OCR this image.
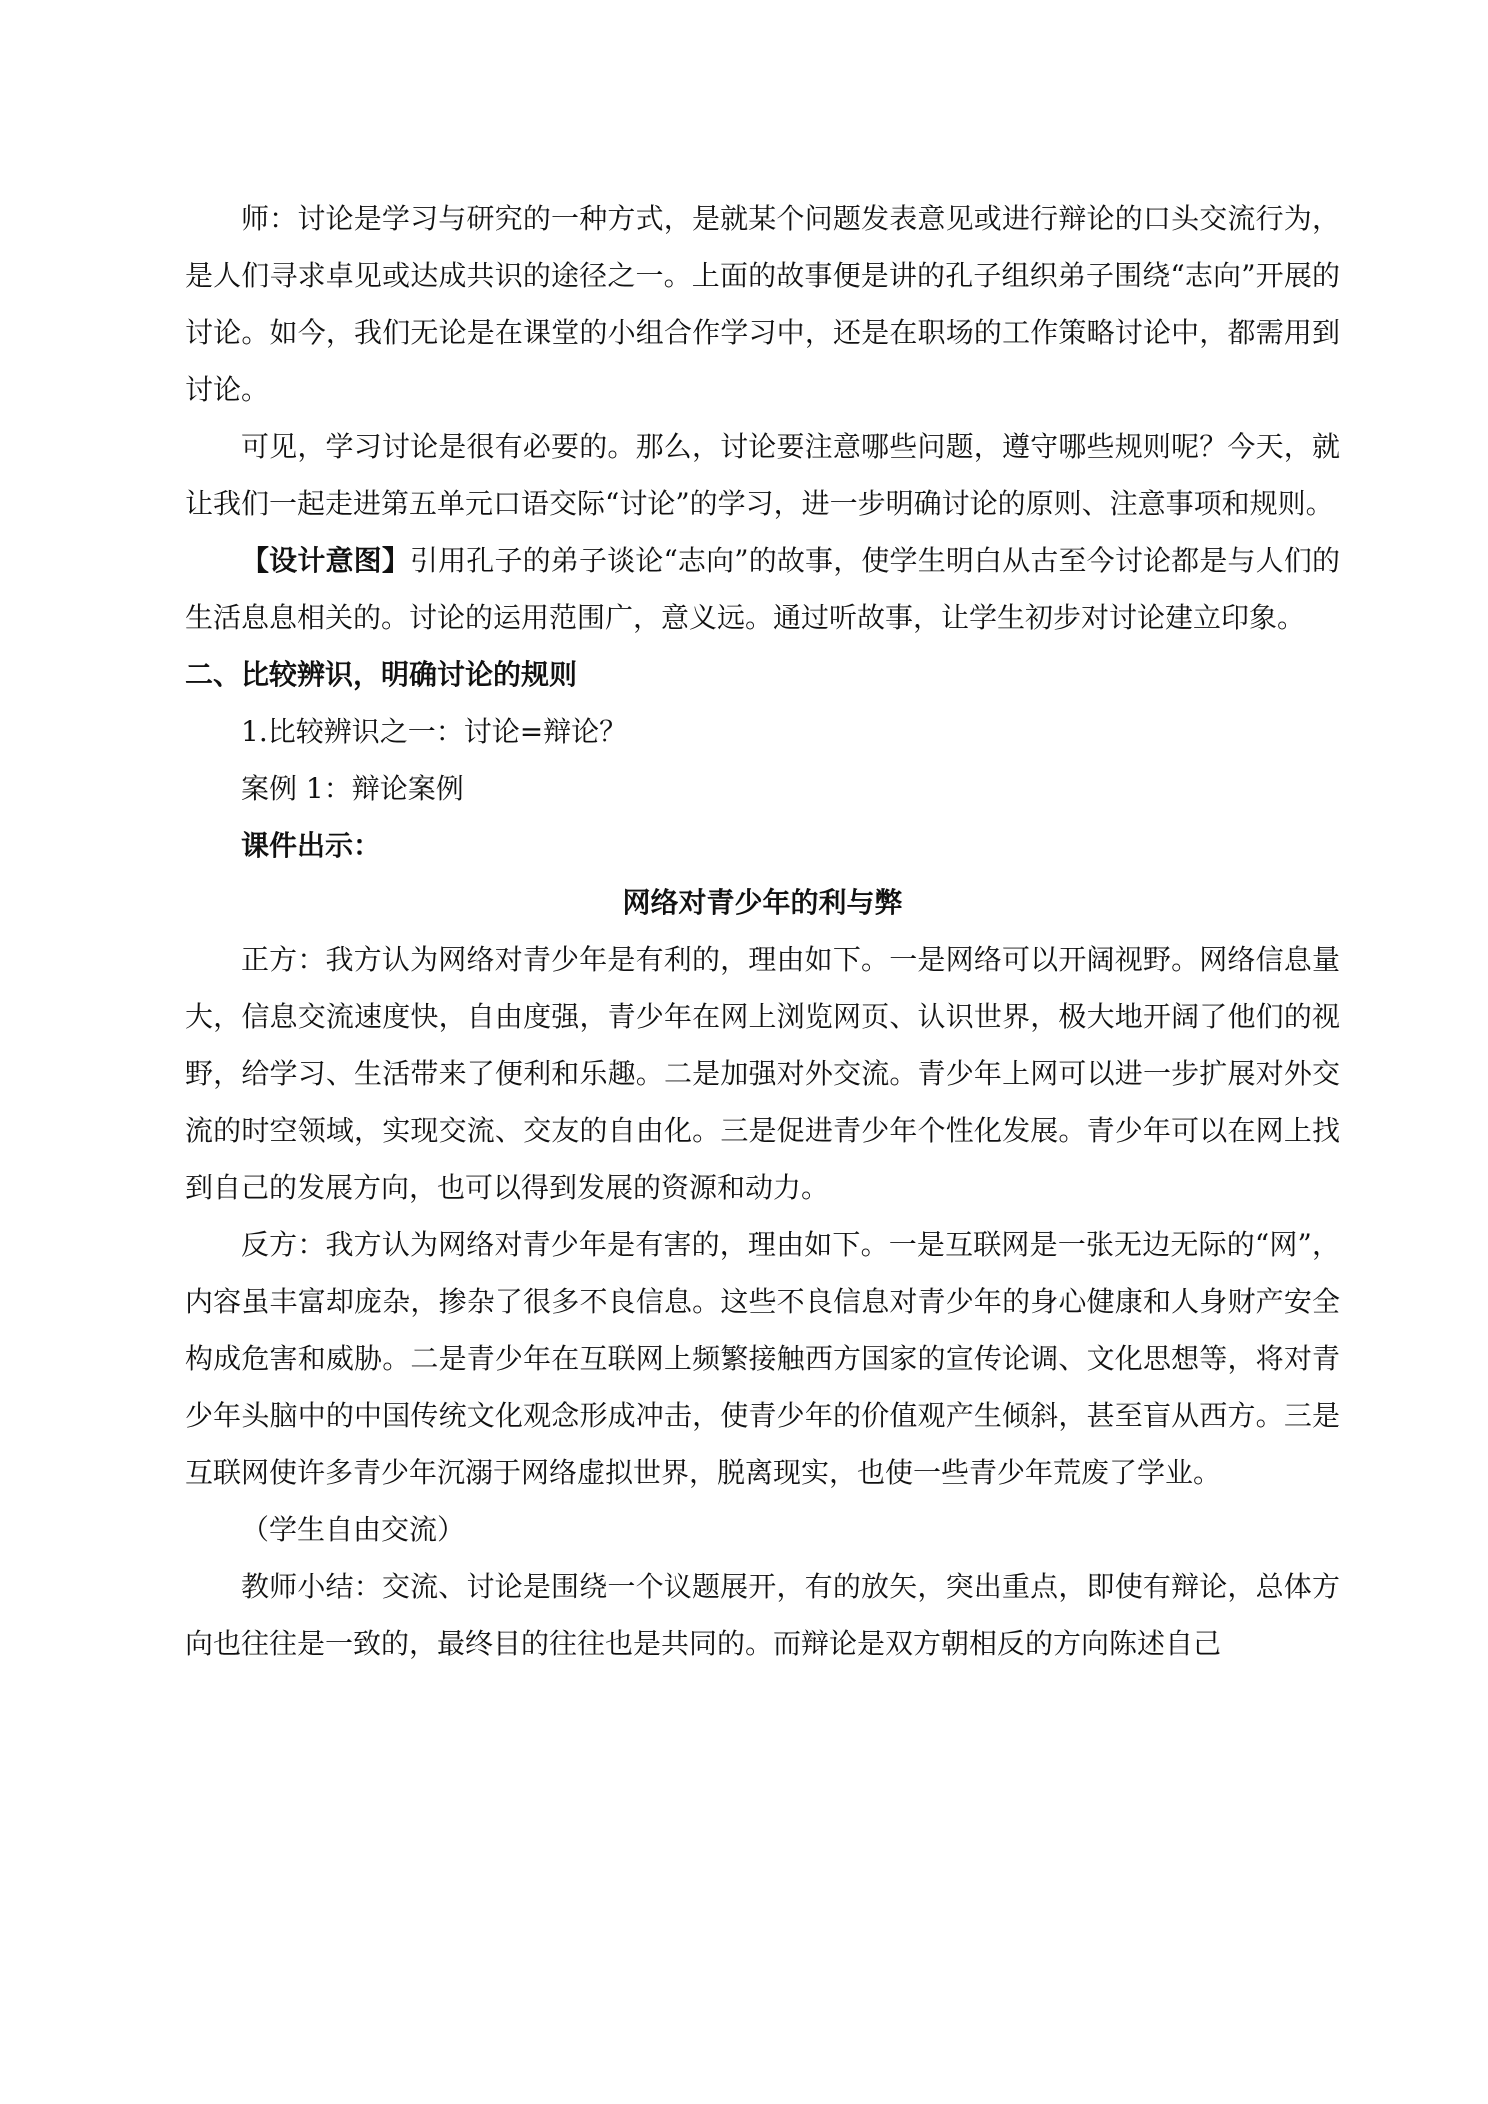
师：讨论是学习与研究的一种方式，是就某个问题发表意见或进行辩论的口头交流行为，是人们寻求卓见或达成共识的途径之一。上面的故事便是讲的孔子组织弟子围绕“志向”开展的讨论。如今，我们无论是在课堂的小组合作学习中，还是在职场的工作策略讨论中，都需用到讨论。

可见，学习讨论是很有必要的。那么，讨论要注意哪些问题，遵守哪些规则呢？今天，就让我们一起走进第五单元口语交际“讨论”的学习，进一步明确讨论的原则、注意事项和规则。

【设计意图】引用孔子的弟子谈论“志向”的故事，使学生明白从古至今讨论都是与人们的生活息息相关的。讨论的运用范围广，意义远。通过听故事，让学生初步对讨论建立印象。

二、比较辨识，明确讨论的规则

1.比较辨识之一：讨论=辩论？

案例 1：辩论案例

课件出示：

网络对青少年的利与弊

正方：我方认为网络对青少年是有利的，理由如下。一是网络可以开阔视野。网络信息量大，信息交流速度快，自由度强，青少年在网上浏览网页、认识世界，极大地开阔了他们的视野，给学习、生活带来了便利和乐趣。二是加强对外交流。青少年上网可以进一步扩展对外交流的时空领域，实现交流、交友的自由化。三是促进青少年个性化发展。青少年可以在网上找到自己的发展方向，也可以得到发展的资源和动力。

反方：我方认为网络对青少年是有害的，理由如下。一是互联网是一张无边无际的“网”，内容虽丰富却庞杂，掺杂了很多不良信息。这些不良信息对青少年的身心健康和人身财产安全构成危害和威胁。二是青少年在互联网上频繁接触西方国家的宣传论调、文化思想等，将对青少年头脑中的中国传统文化观念形成冲击，使青少年的价值观产生倾斜，甚至盲从西方。三是互联网使许多青少年沉溺于网络虚拟世界，脱离现实，也使一些青少年荒废了学业。

（学生自由交流）

教师小结：交流、讨论是围绕一个议题展开，有的放矢，突出重点，即使有辩论，总体方向也往往是一致的，最终目的往往也是共同的。而辩论是双方朝相反的方向陈述自己
